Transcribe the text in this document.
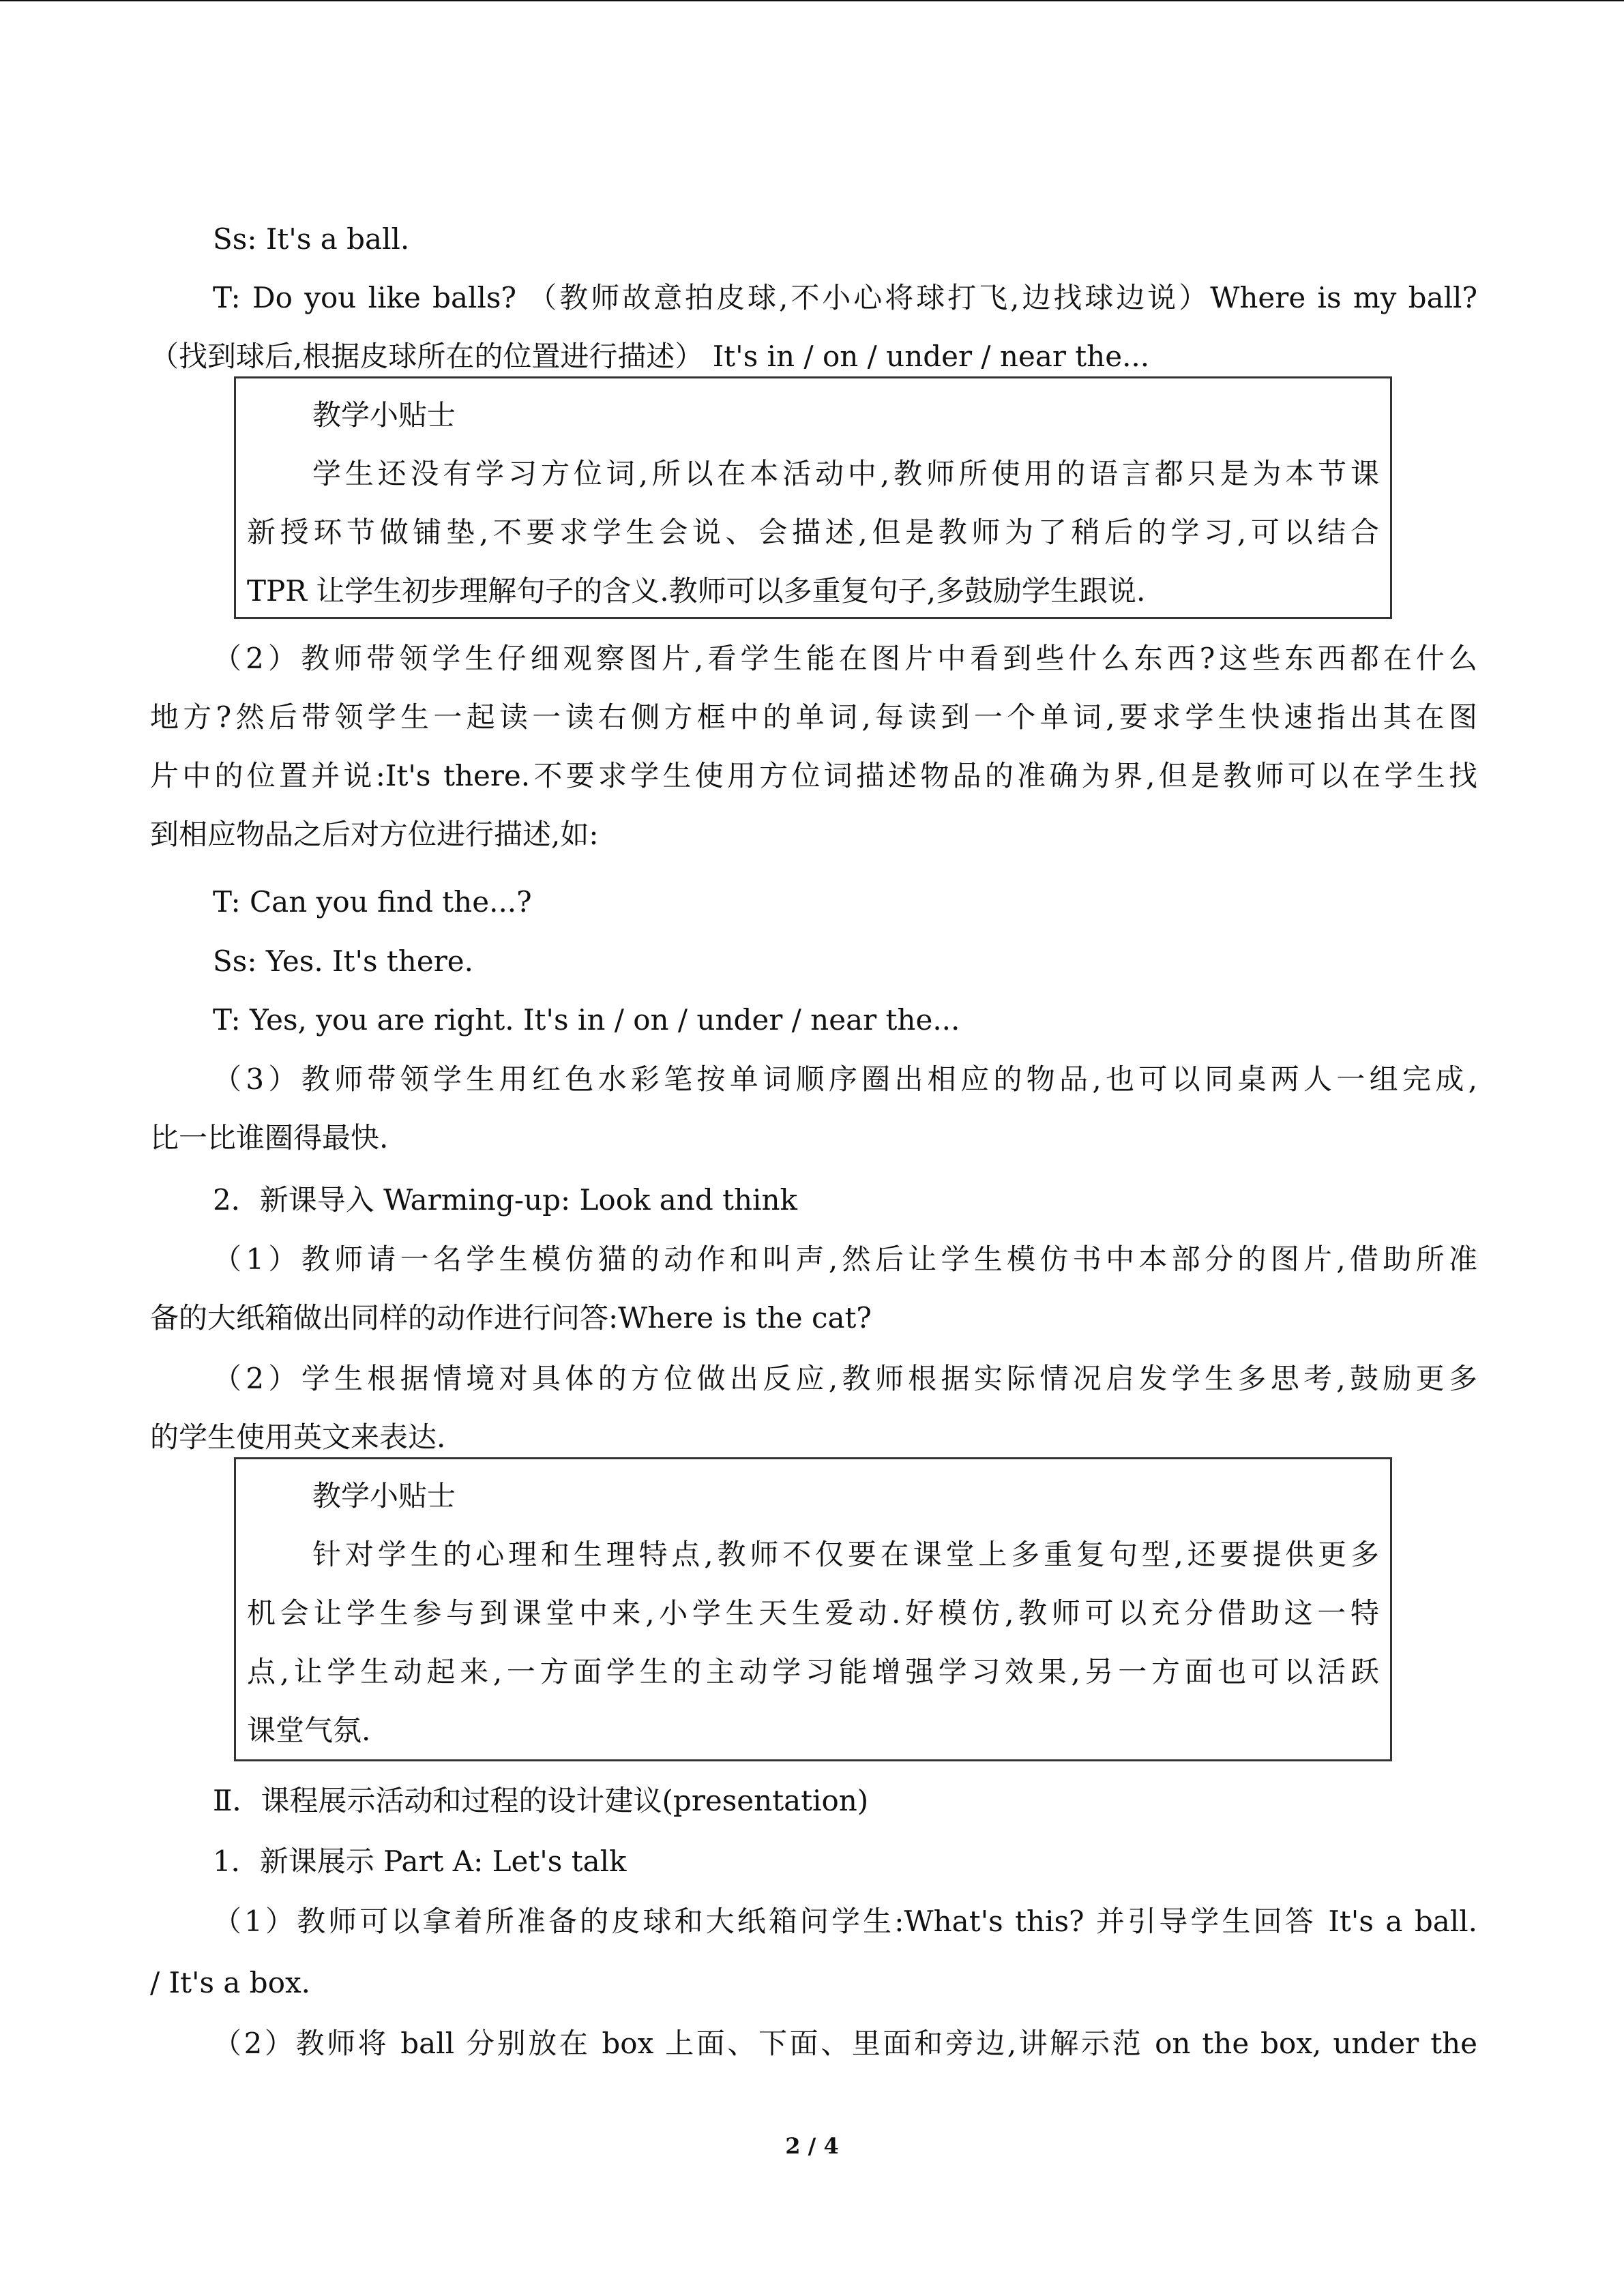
Ss: It's a ball.
T: Do you like balls? （教师故意拍皮球,不小心将球打飞,边找球边说）Where is my ball?
（找到球后,根据皮球所在的位置进行描述） It's in / on / under / near the...
教学小贴士
学生还没有学习方位词,所以在本活动中,教师所使用的语言都只是为本节课
新授环节做铺垫,不要求学生会说、会描述,但是教师为了稍后的学习,可以结合
TPR 让学生初步理解句子的含义.教师可以多重复句子,多鼓励学生跟说.
（2）教师带领学生仔细观察图片,看学生能在图片中看到些什么东西?这些东西都在什么
地方?然后带领学生一起读一读右侧方框中的单词,每读到一个单词,要求学生快速指出其在图
片中的位置并说:It's there.不要求学生使用方位词描述物品的准确为界,但是教师可以在学生找
到相应物品之后对方位进行描述,如:
T: Can you find the...?
Ss: Yes. It's there.
T: Yes, you are right. It's in / on / under / near the...
（3）教师带领学生用红色水彩笔按单词顺序圈出相应的物品,也可以同桌两人一组完成,
比一比谁圈得最快.
2．新课导入 Warming-up: Look and think
（1）教师请一名学生模仿猫的动作和叫声,然后让学生模仿书中本部分的图片,借助所准
备的大纸箱做出同样的动作进行问答:Where is the cat?
（2）学生根据情境对具体的方位做出反应,教师根据实际情况启发学生多思考,鼓励更多
的学生使用英文来表达.
教学小贴士
针对学生的心理和生理特点,教师不仅要在课堂上多重复句型,还要提供更多
机会让学生参与到课堂中来,小学生天生爱动.好模仿,教师可以充分借助这一特
点,让学生动起来,一方面学生的主动学习能增强学习效果,另一方面也可以活跃
课堂气氛.
Ⅱ．课程展示活动和过程的设计建议(presentation)
1．新课展示 Part A: Let's talk
（1）教师可以拿着所准备的皮球和大纸箱问学生:What's this? 并引导学生回答 It's a ball.
/ It's a box.
（2）教师将 ball 分别放在 box 上面、下面、里面和旁边,讲解示范 on the box, under the
2 / 4
